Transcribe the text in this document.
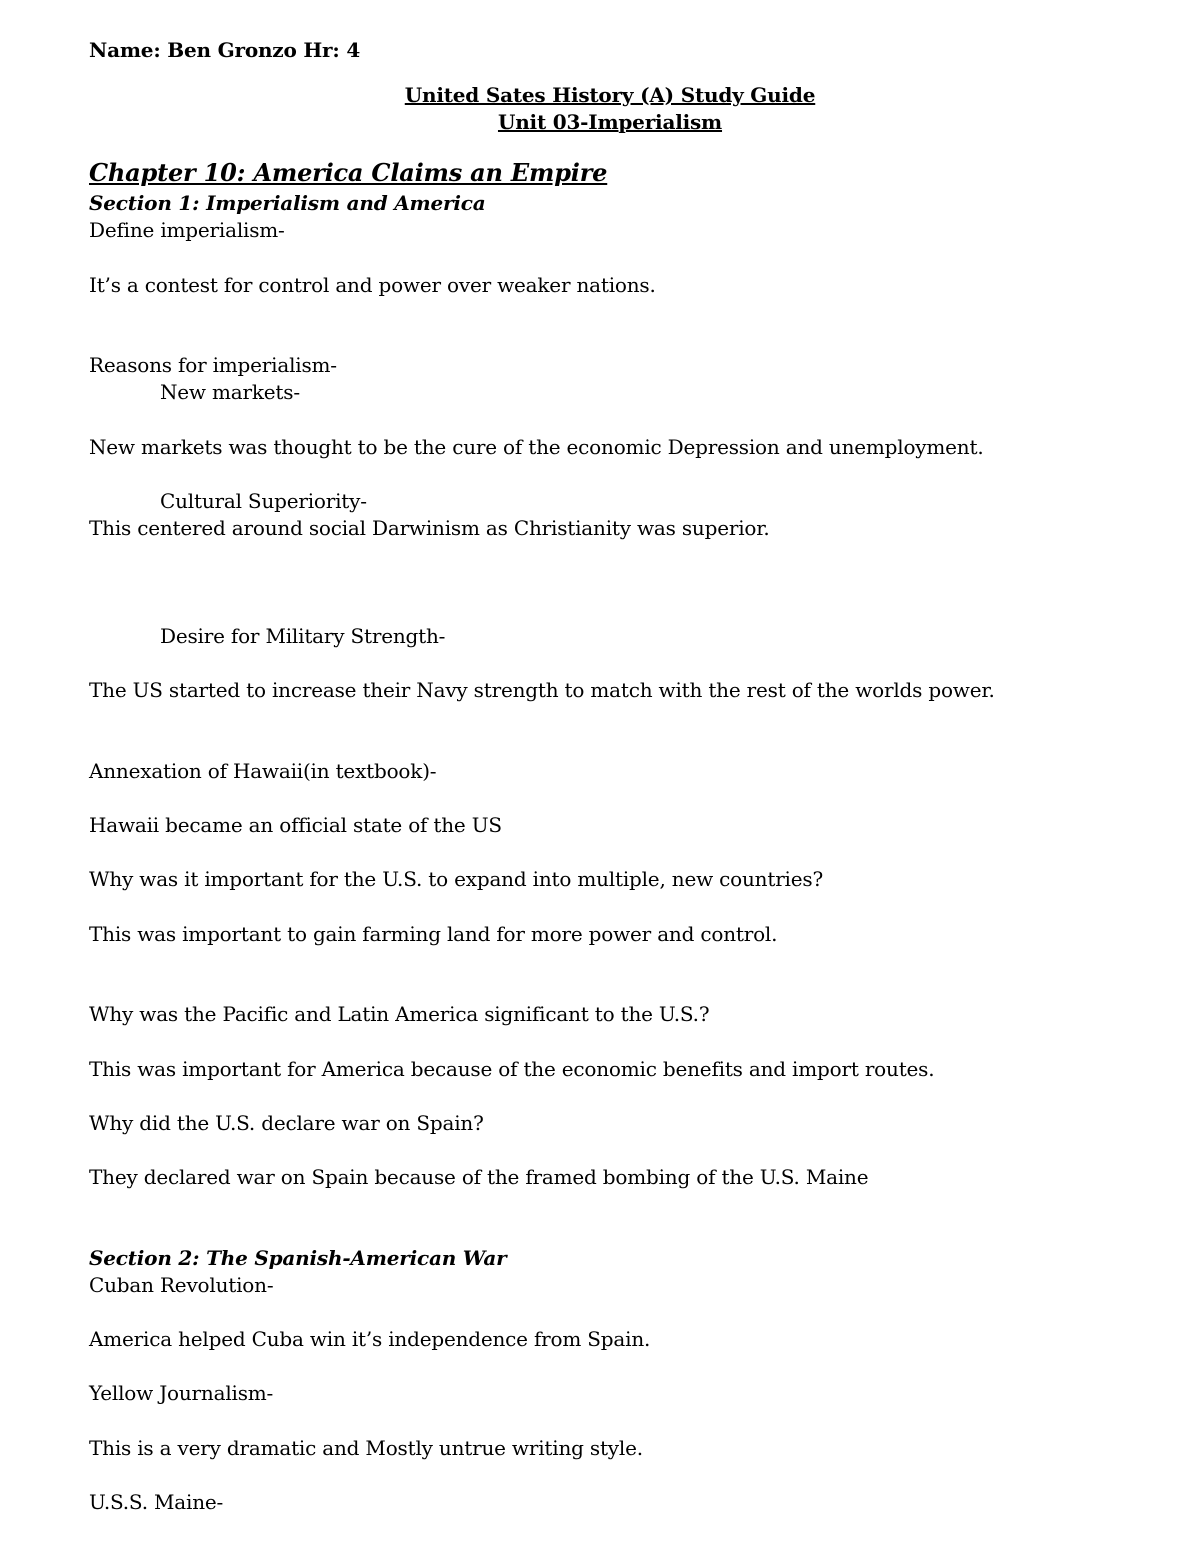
Name: Ben Gronzo Hr: 4
United Sates History (A) Study Guide
Unit 03-Imperialism
Chapter 10: America Claims an Empire
Section 1: Imperialism and America
Define imperialism-
It’s a contest for control and power over weaker nations.
Reasons for imperialism-
New markets-
New markets was thought to be the cure of the economic Depression and unemployment.
Cultural Superiority-
This centered around social Darwinism as Christianity was superior.
Desire for Military Strength-
The US started to increase their Navy strength to match with the rest of the worlds power.
Annexation of Hawaii(in textbook)-
Hawaii became an official state of the US
Why was it important for the U.S. to expand into multiple, new countries?
This was important to gain farming land for more power and control.
Why was the Pacific and Latin America significant to the U.S.?
This was important for America because of the economic benefits and import routes.
Why did the U.S. declare war on Spain?
They declared war on Spain because of the framed bombing of the U.S. Maine
Section 2: The Spanish-American War
Cuban Revolution-
America helped Cuba win it’s independence from Spain.
Yellow Journalism-
This is a very dramatic and Mostly untrue writing style.
U.S.S. Maine-
